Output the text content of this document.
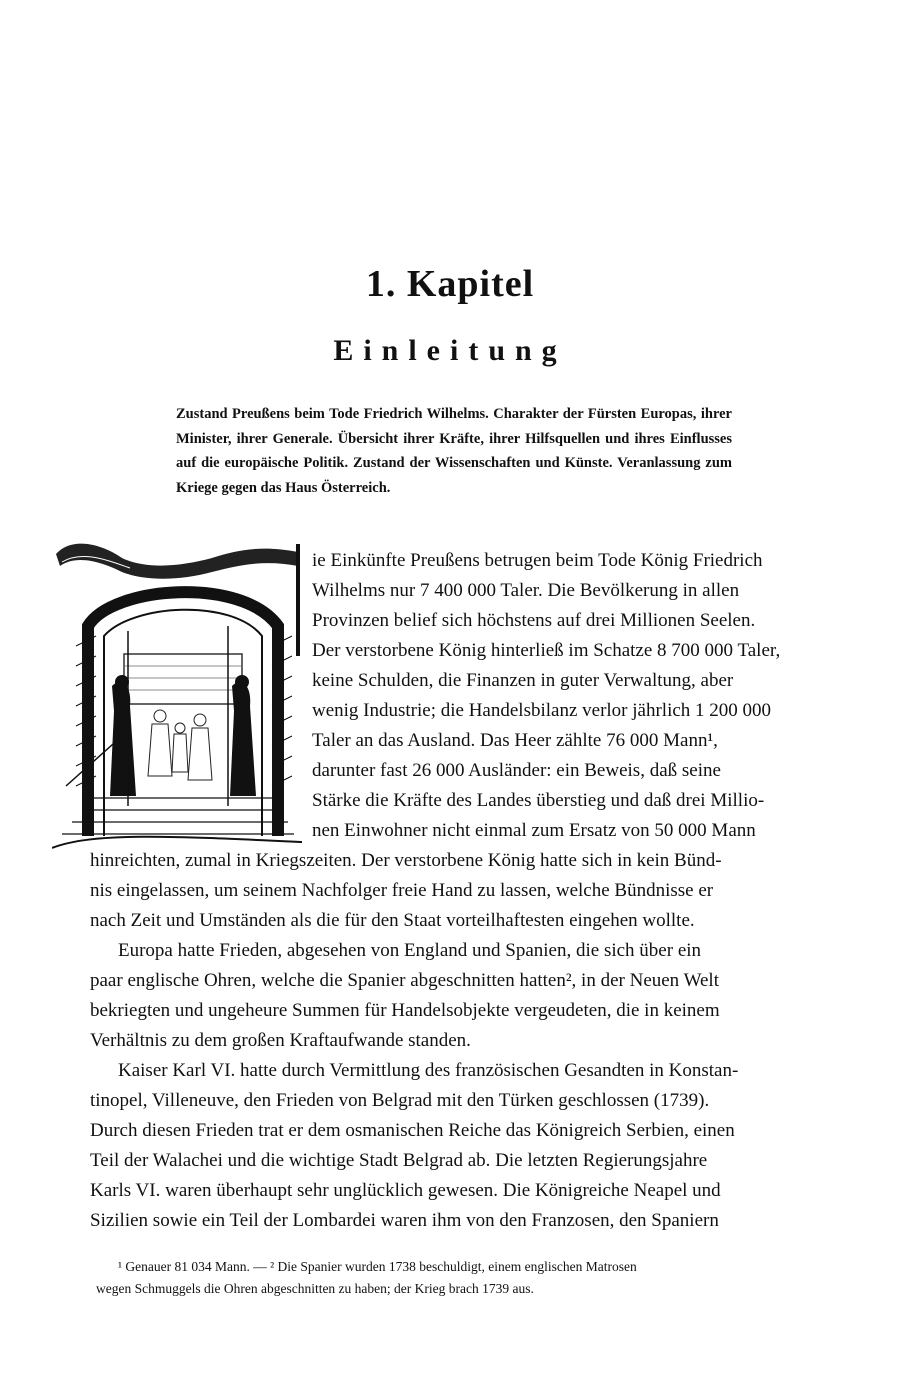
1. Kapitel
Einleitung
Zustand Preußens beim Tode Friedrich Wilhelms. Charakter der Fürsten Europas, ihrer Minister, ihrer Generale. Übersicht ihrer Kräfte, ihrer Hilfsquellen und ihres Einflusses auf die europäische Politik. Zustand der Wissenschaften und Künste. Veranlassung zum Kriege gegen das Haus Österreich.
ie Einkünfte Preußens betrugen beim Tode König Friedrich
Wilhelms nur 7 400 000 Taler. Die Bevölkerung in allen
Provinzen belief sich höchstens auf drei Millionen Seelen.
Der verstorbene König hinterließ im Schatze 8 700 000 Taler,
keine Schulden, die Finanzen in guter Verwaltung, aber
wenig Industrie; die Handelsbilanz verlor jährlich 1 200 000
Taler an das Ausland. Das Heer zählte 76 000 Mann¹,
darunter fast 26 000 Ausländer: ein Beweis, daß seine
Stärke die Kräfte des Landes überstieg und daß drei Millio-
nen Einwohner nicht einmal zum Ersatz von 50 000 Mann
hinreichten, zumal in Kriegszeiten. Der verstorbene König hatte sich in kein Bünd-
nis eingelassen, um seinem Nachfolger freie Hand zu lassen, welche Bündnisse er
nach Zeit und Umständen als die für den Staat vorteilhaftesten eingehen wollte.
Europa hatte Frieden, abgesehen von England und Spanien, die sich über ein
paar englische Ohren, welche die Spanier abgeschnitten hatten², in der Neuen Welt
bekriegten und ungeheure Summen für Handelsobjekte vergeudeten, die in keinem
Verhältnis zu dem großen Kraftaufwande standen.
Kaiser Karl VI. hatte durch Vermittlung des französischen Gesandten in Konstan-
tinopel, Villeneuve, den Frieden von Belgrad mit den Türken geschlossen (1739).
Durch diesen Frieden trat er dem osmanischen Reiche das Königreich Serbien, einen
Teil der Walachei und die wichtige Stadt Belgrad ab. Die letzten Regierungsjahre
Karls VI. waren überhaupt sehr unglücklich gewesen. Die Königreiche Neapel und
Sizilien sowie ein Teil der Lombardei waren ihm von den Franzosen, den Spaniern
¹ Genauer 81 034 Mann. — ² Die Spanier wurden 1738 beschuldigt, einem englischen Matrosen
wegen Schmuggels die Ohren abgeschnitten zu haben; der Krieg brach 1739 aus.
